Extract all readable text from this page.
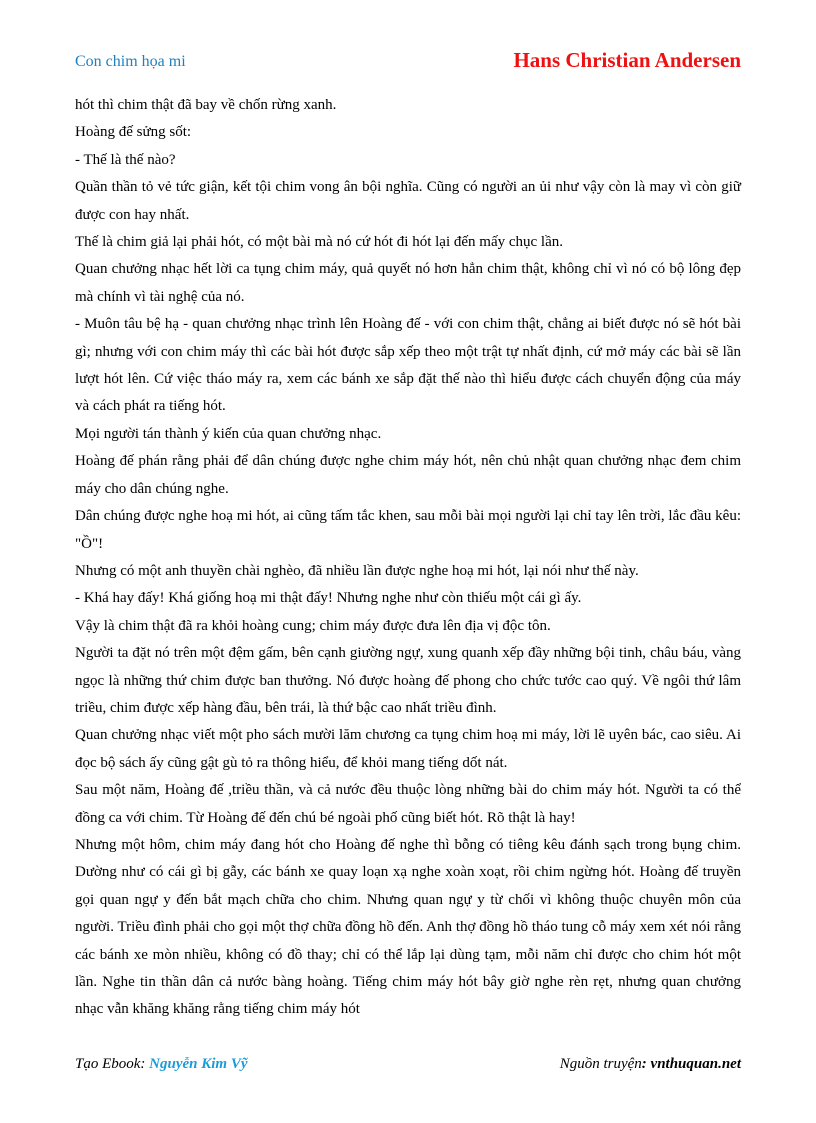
Con chim họa mi	Hans Christian Andersen

hót thì chim thật đã bay về chốn rừng xanh.

Hoàng đế sửng sốt:

- Thế là thế nào?

Quần thần tỏ vẻ tức giận, kết tội chim vong ân bội nghĩa. Cũng có người an ủi như vậy còn là may vì còn giữ được con hay nhất.

Thế là chim giả lại phải hót, có một bài mà nó cứ hót đi hót lại đến mấy chục lần.

Quan chưởng nhạc hết lời ca tụng chim máy, quả quyết nó hơn hẳn chim thật, không chỉ vì nó có bộ lông đẹp mà chính vì tài nghệ của nó.

- Muôn tâu bệ hạ - quan chưởng nhạc trình lên Hoàng đế - với con chim thật, chẳng ai biết được nó sẽ hót bài gì; nhưng với con chim máy thì các bài hót được sắp xếp theo một trật tự nhất định, cứ mở máy các bài sẽ lần lượt hót lên. Cứ việc tháo máy ra, xem các bánh xe sắp đặt thế nào thì hiểu được cách chuyển động của máy và cách phát ra tiếng hót.

Mọi người tán thành ý kiến của quan chưởng nhạc.

Hoàng đế phán rằng phải để dân chúng được nghe chim máy hót, nên chủ nhật quan chưởng nhạc đem chim máy cho dân chúng nghe.

Dân chúng được nghe hoạ mi hót, ai cũng tấm tắc khen, sau mỗi bài mọi người lại chỉ tay lên trời, lắc đầu kêu: "Ồ"!

Nhưng có một anh thuyền chài nghèo, đã nhiều lần được nghe hoạ mi hót, lại nói như thế này.

- Khá hay đấy! Khá giống hoạ mi thật đấy! Nhưng nghe như còn thiếu một cái gì ấy.

Vậy là chim thật đã ra khỏi hoàng cung; chim máy được đưa lên địa vị độc tôn.

Người ta đặt nó trên một đệm gấm, bên cạnh giường ngự, xung quanh xếp đầy những bội tinh, châu báu, vàng ngọc là những thứ chim được ban thưởng. Nó được hoàng đế phong cho chức tước cao quý. Về ngôi thứ lâm triều, chim được xếp hàng đầu, bên trái, là thứ bậc cao nhất triều đình.

Quan chưởng nhạc viết một pho sách mười lăm chương ca tụng chim hoạ mi máy, lời lẽ uyên bác, cao siêu. Ai đọc bộ sách ấy cũng gật gù tỏ ra thông hiểu, để khỏi mang tiếng dốt nát.

Sau một năm, Hoàng đế ,triều thần, và cả nước đều thuộc lòng những bài do chim máy hót. Người ta có thể đồng ca với chim. Từ Hoàng đế đến chú bé ngoài phố cũng biết hót. Rõ thật là hay!

Nhưng một hôm, chim máy đang hót cho Hoàng đế nghe thì bỗng có tiêng kêu đánh sạch trong bụng chim. Dường như có cái gì bị gẫy, các bánh xe quay loạn xạ nghe xoàn xoạt, rồi chim ngừng hót. Hoàng đế truyền gọi quan ngự y đến bắt mạch chữa cho chim. Nhưng quan ngự y từ chối vì không thuộc chuyên môn của người. Triều đình phải cho gọi một thợ chữa đồng hồ đến. Anh thợ đồng hồ tháo tung cỗ máy xem xét nói rằng các bánh xe mòn nhiều, không có đồ thay; chỉ có thể lắp lại dùng tạm, mỗi năm chỉ được cho chim hót một lần. Nghe tin thần dân cả nước bàng hoàng. Tiếng chim máy hót bây giờ nghe rèn rẹt, nhưng quan chưởng nhạc vẫn khăng khăng rằng tiếng chim máy hót

Tạo Ebook: Nguyễn Kim Vỹ	Nguồn truyện: vnthuquan.net
